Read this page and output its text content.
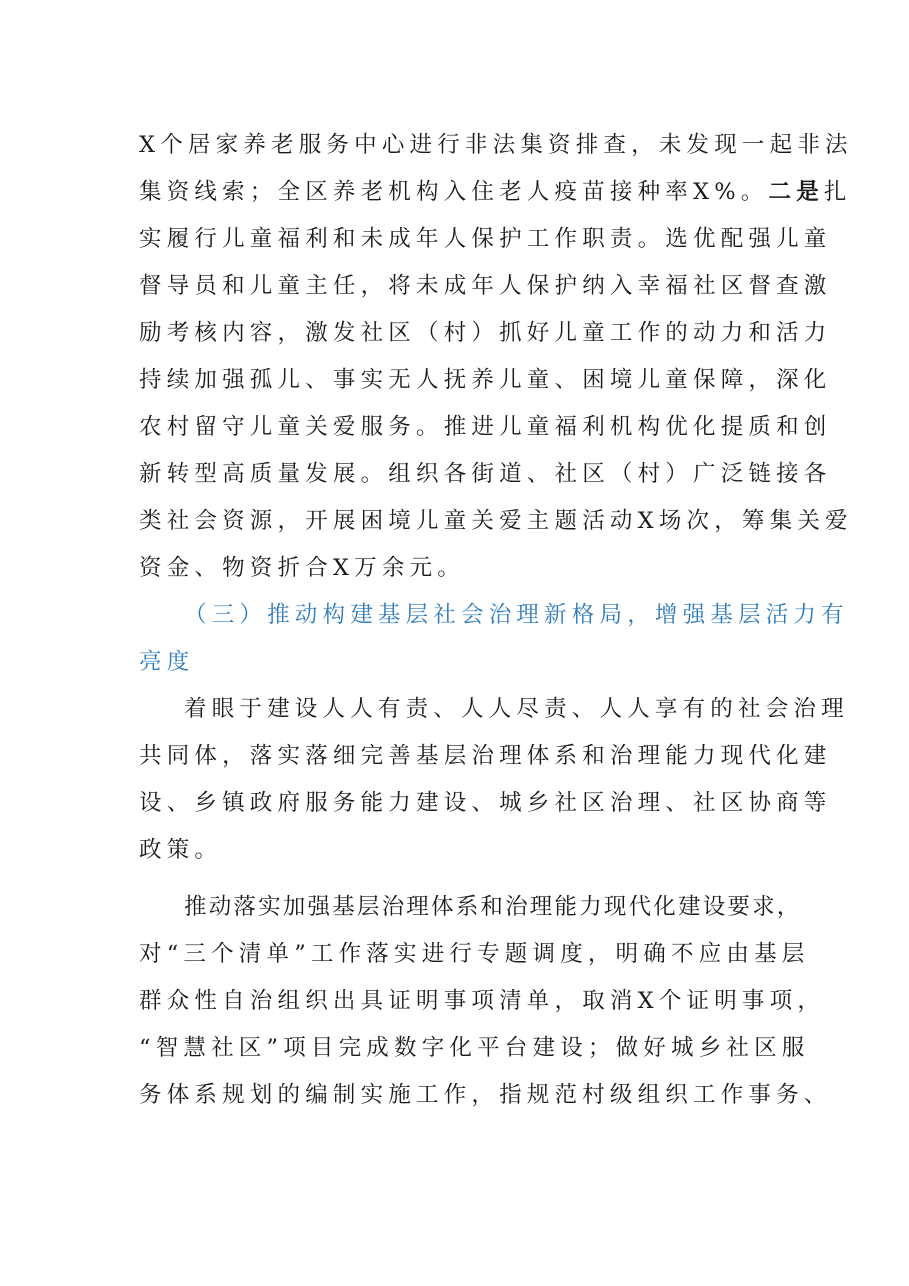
X个居家养老服务中心进行非法集资排查，未发现一起非法
集资线索；全区养老机构入住老人疫苗接种率X%。二是扎
实履行儿童福利和未成年人保护工作职责。选优配强儿童
督导员和儿童主任，将未成年人保护纳入幸福社区督查激
励考核内容，激发社区（村）抓好儿童工作的动力和活力
持续加强孤儿、事实无人抚养儿童、困境儿童保障，深化
农村留守儿童关爱服务。推进儿童福利机构优化提质和创
新转型高质量发展。组织各街道、社区（村）广泛链接各
类社会资源，开展困境儿童关爱主题活动X场次，筹集关爱
资金、物资折合X万余元。
（三）推动构建基层社会治理新格局，增强基层活力有
亮度
着眼于建设人人有责、人人尽责、人人享有的社会治理
共同体，落实落细完善基层治理体系和治理能力现代化建
设、乡镇政府服务能力建设、城乡社区治理、社区协商等
政策。
推动落实加强基层治理体系和治理能力现代化建设要求，
对“三个清单”工作落实进行专题调度，明确不应由基层
群众性自治组织出具证明事项清单，取消X个证明事项，
“智慧社区”项目完成数字化平台建设；做好城乡社区服
务体系规划的编制实施工作，指规范村级组织工作事务、
